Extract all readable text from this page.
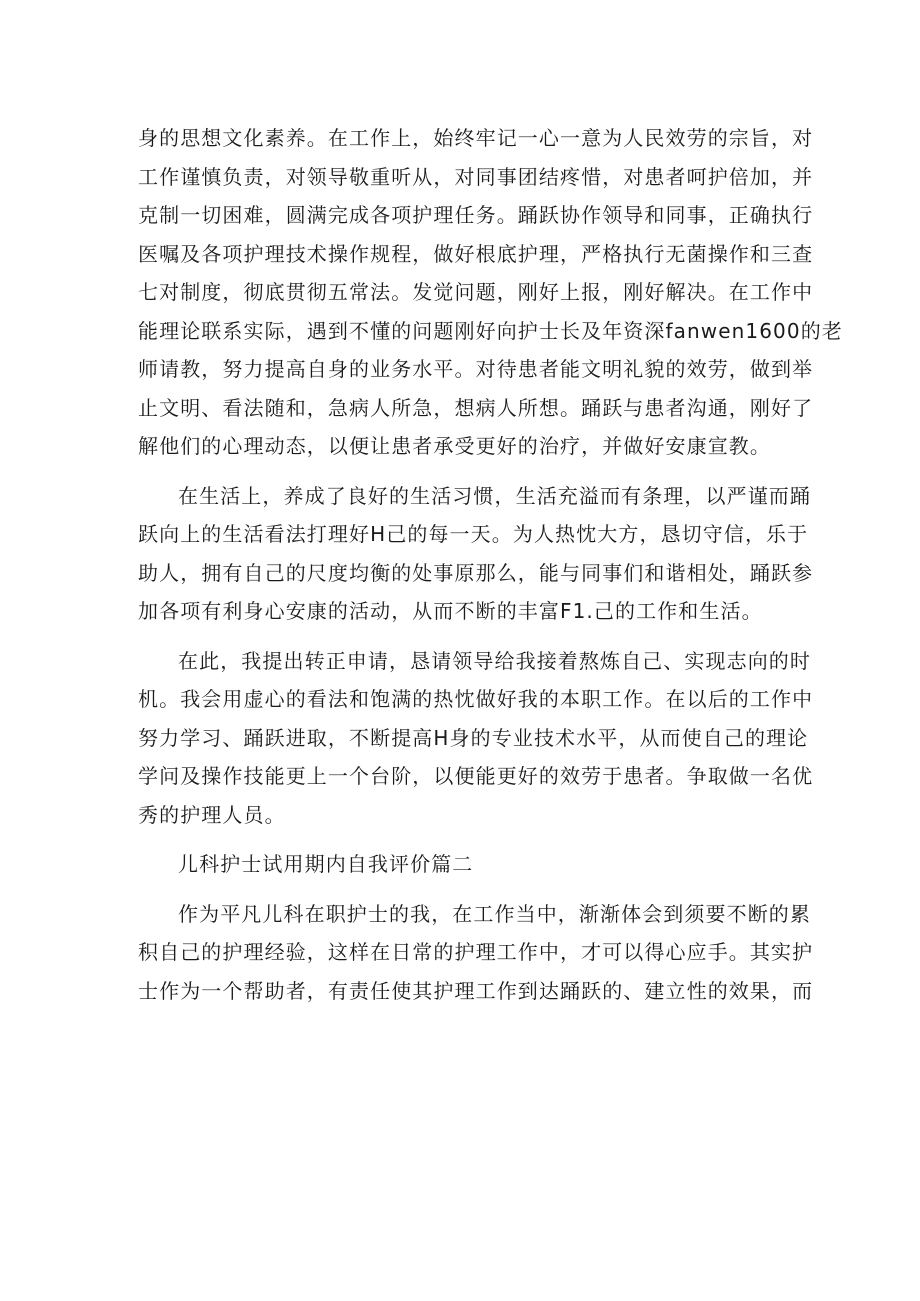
身的思想文化素养。在工作上，始终牢记一心一意为人民效劳的宗旨，对
工作谨慎负责，对领导敬重听从，对同事团结疼惜，对患者呵护倍加，并
克制一切困难，圆满完成各项护理任务。踊跃协作领导和同事，正确执行
医嘱及各项护理技术操作规程，做好根底护理，严格执行无菌操作和三查
七对制度，彻底贯彻五常法。发觉问题，刚好上报，刚好解决。在工作中
能理论联系实际，遇到不懂的问题刚好向护士长及年资深fanwen1600的老
师请教，努力提高自身的业务水平。对待患者能文明礼貌的效劳，做到举
止文明、看法随和，急病人所急，想病人所想。踊跃与患者沟通，刚好了
解他们的心理动态，以便让患者承受更好的治疗，并做好安康宣教。
在生活上，养成了良好的生活习惯，生活充溢而有条理，以严谨而踊
跃向上的生活看法打理好H己的每一天。为人热忱大方，恳切守信，乐于
助人，拥有自己的尺度均衡的处事原那么，能与同事们和谐相处，踊跃参
加各项有利身心安康的活动，从而不断的丰富F1.己的工作和生活。
在此，我提出转正申请，恳请领导给我接着熬炼自己、实现志向的时
机。我会用虚心的看法和饱满的热忱做好我的本职工作。在以后的工作中
努力学习、踊跃进取，不断提高H身的专业技术水平，从而使自己的理论
学问及操作技能更上一个台阶，以便能更好的效劳于患者。争取做一名优
秀的护理人员。
儿科护士试用期内自我评价篇二
作为平凡儿科在职护士的我，在工作当中，渐渐体会到须要不断的累
积自己的护理经验，这样在日常的护理工作中，才可以得心应手。其实护
士作为一个帮助者，有责任使其护理工作到达踊跃的、建立性的效果，而
